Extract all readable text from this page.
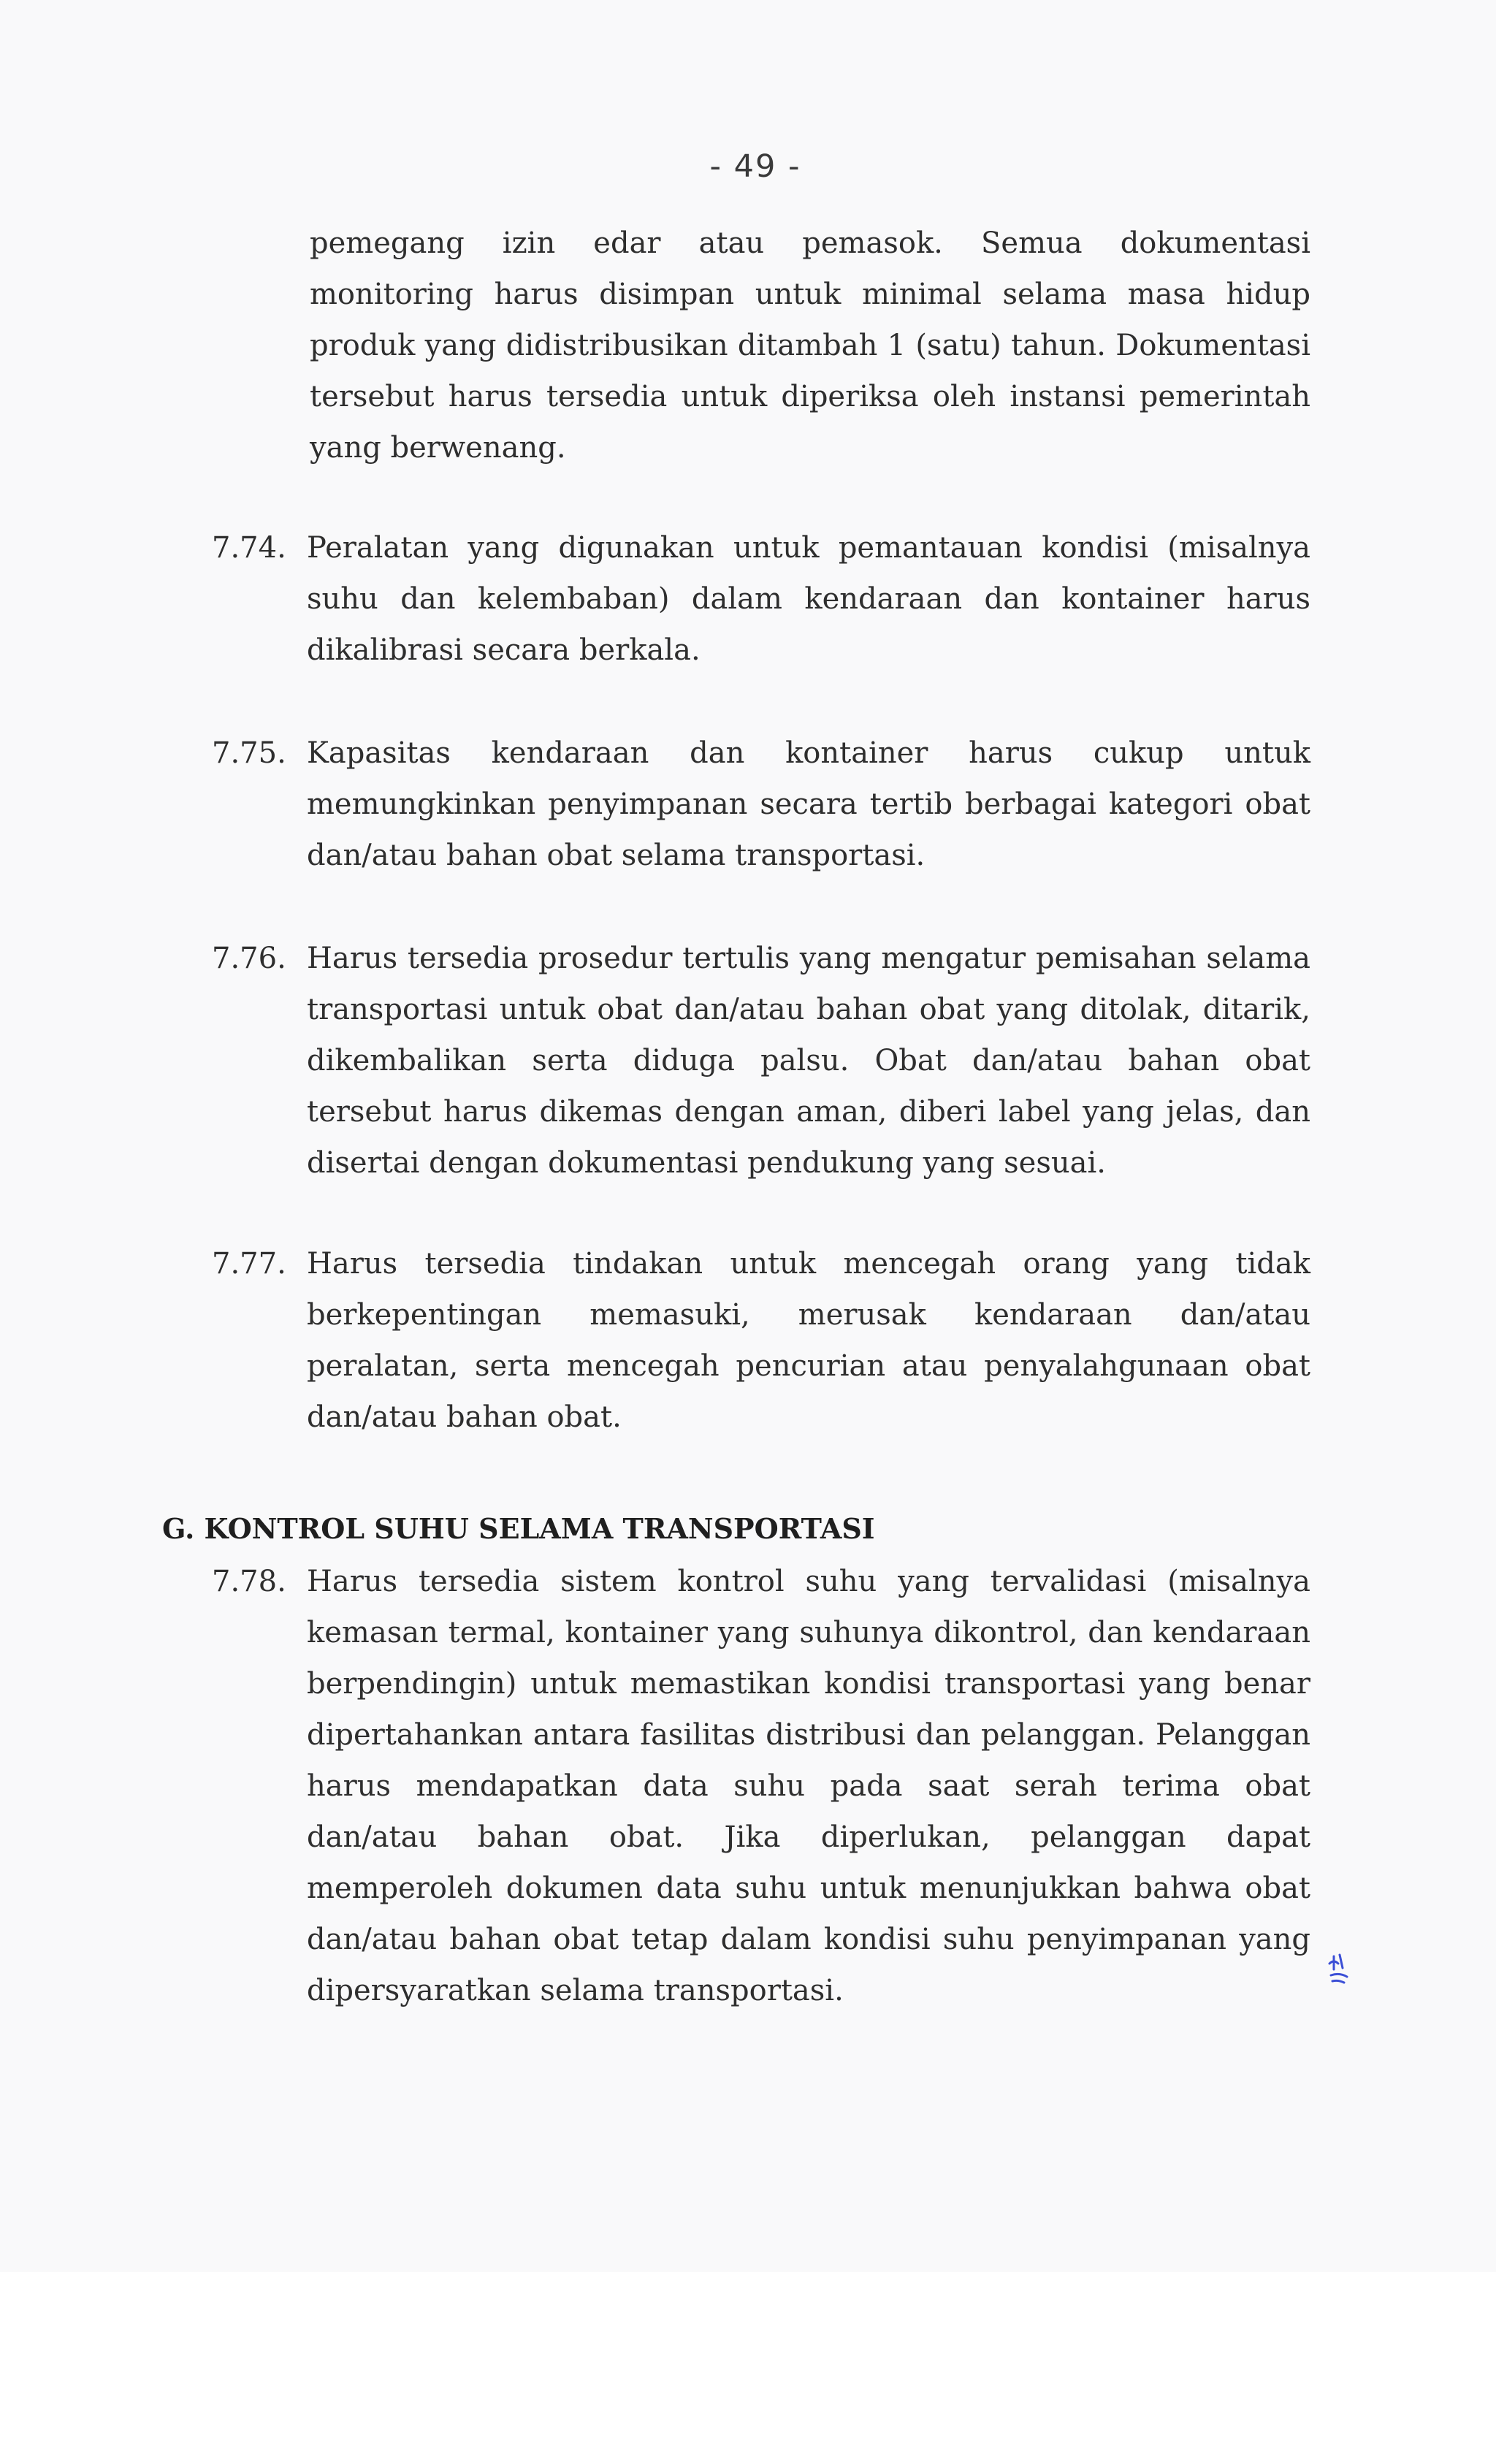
- 49 -
pemegang izin edar atau pemasok. Semua dokumentasi monitoring harus disimpan untuk minimal selama masa hidup produk yang didistribusikan ditambah 1 (satu) tahun. Dokumentasi tersebut harus tersedia untuk diperiksa oleh instansi pemerintah yang berwenang.
7.74. Peralatan yang digunakan untuk pemantauan kondisi (misalnya suhu dan kelembaban) dalam kendaraan dan kontainer harus dikalibrasi secara berkala.
7.75. Kapasitas kendaraan dan kontainer harus cukup untuk memungkinkan penyimpanan secara tertib berbagai kategori obat dan/atau bahan obat selama transportasi.
7.76. Harus tersedia prosedur tertulis yang mengatur pemisahan selama transportasi untuk obat dan/atau bahan obat yang ditolak, ditarik, dikembalikan serta diduga palsu. Obat dan/atau bahan obat tersebut harus dikemas dengan aman, diberi label yang jelas, dan disertai dengan dokumentasi pendukung yang sesuai.
7.77. Harus tersedia tindakan untuk mencegah orang yang tidak berkepentingan memasuki, merusak kendaraan dan/atau peralatan, serta mencegah pencurian atau penyalahgunaan obat dan/atau bahan obat.
G. KONTROL SUHU SELAMA TRANSPORTASI
7.78. Harus tersedia sistem kontrol suhu yang tervalidasi (misalnya kemasan termal, kontainer yang suhunya dikontrol, dan kendaraan berpendingin) untuk memastikan kondisi transportasi yang benar dipertahankan antara fasilitas distribusi dan pelanggan. Pelanggan harus mendapatkan data suhu pada saat serah terima obat dan/atau bahan obat. Jika diperlukan, pelanggan dapat memperoleh dokumen data suhu untuk menunjukkan bahwa obat dan/atau bahan obat tetap dalam kondisi suhu penyimpanan yang dipersyaratkan selama transportasi.
